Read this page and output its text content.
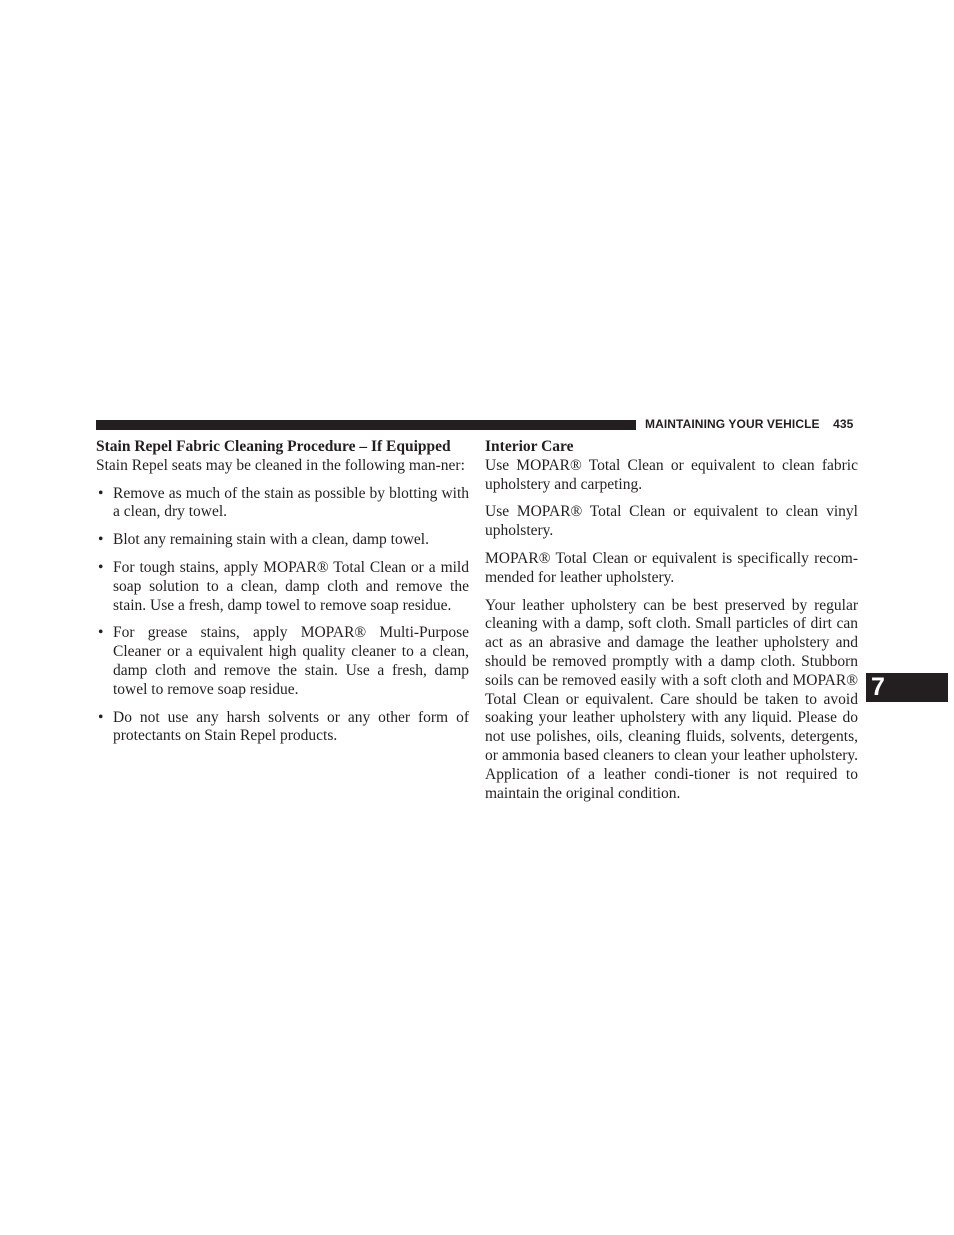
MAINTAINING YOUR VEHICLE 435
7
Stain Repel Fabric Cleaning Procedure – If Equipped

Stain Repel seats may be cleaned in the following man-ner:

• Remove as much of the stain as possible by blotting with a clean, dry towel.
• Blot any remaining stain with a clean, damp towel.
• For tough stains, apply MOPAR® Total Clean or a mild soap solution to a clean, damp cloth and remove the stain. Use a fresh, damp towel to remove soap residue.
• For grease stains, apply MOPAR® Multi-Purpose Cleaner or a equivalent high quality cleaner to a clean, damp cloth and remove the stain. Use a fresh, damp towel to remove soap residue.
• Do not use any harsh solvents or any other form of protectants on Stain Repel products.
Interior Care

Use MOPAR® Total Clean or equivalent to clean fabric upholstery and carpeting.

Use MOPAR® Total Clean or equivalent to clean vinyl upholstery.

MOPAR® Total Clean or equivalent is specifically recom-mended for leather upholstery.

Your leather upholstery can be best preserved by regular cleaning with a damp, soft cloth. Small particles of dirt can act as an abrasive and damage the leather upholstery and should be removed promptly with a damp cloth. Stubborn soils can be removed easily with a soft cloth and MOPAR® Total Clean or equivalent. Care should be taken to avoid soaking your leather upholstery with any liquid. Please do not use polishes, oils, cleaning fluids, solvents, detergents, or ammonia based cleaners to clean your leather upholstery. Application of a leather condi-tioner is not required to maintain the original condition.
